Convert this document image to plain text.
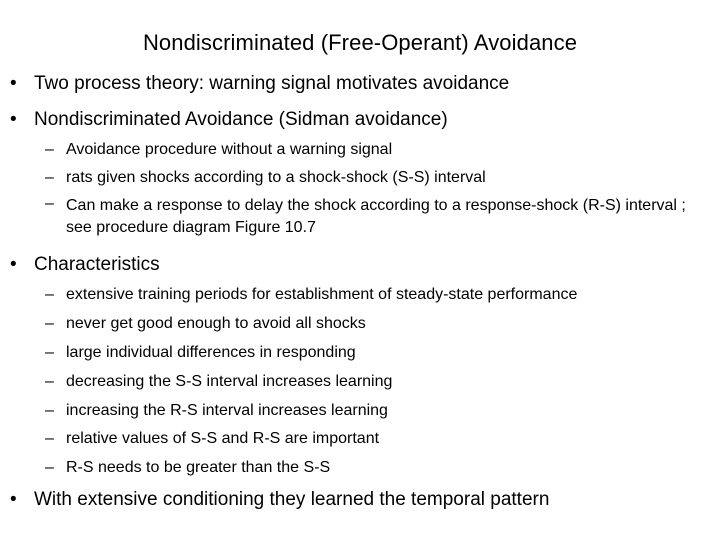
Nondiscriminated (Free-Operant) Avoidance
• Two process theory: warning signal motivates avoidance
• Nondiscriminated Avoidance (Sidman avoidance)
– Avoidance procedure without a warning signal
– rats given shocks according to a shock-shock (S-S) interval
– Can make a response to delay the shock according to a response-shock (R-S) interval ; see procedure diagram Figure 10.7
• Characteristics
– extensive training periods for establishment of steady-state performance
– never get good enough to avoid all shocks
– large individual differences in responding
– decreasing the S-S interval increases learning
– increasing the R-S interval increases learning
– relative values of S-S and R-S are important
– R-S needs to be greater than the S-S
• With extensive conditioning they learned the temporal pattern
